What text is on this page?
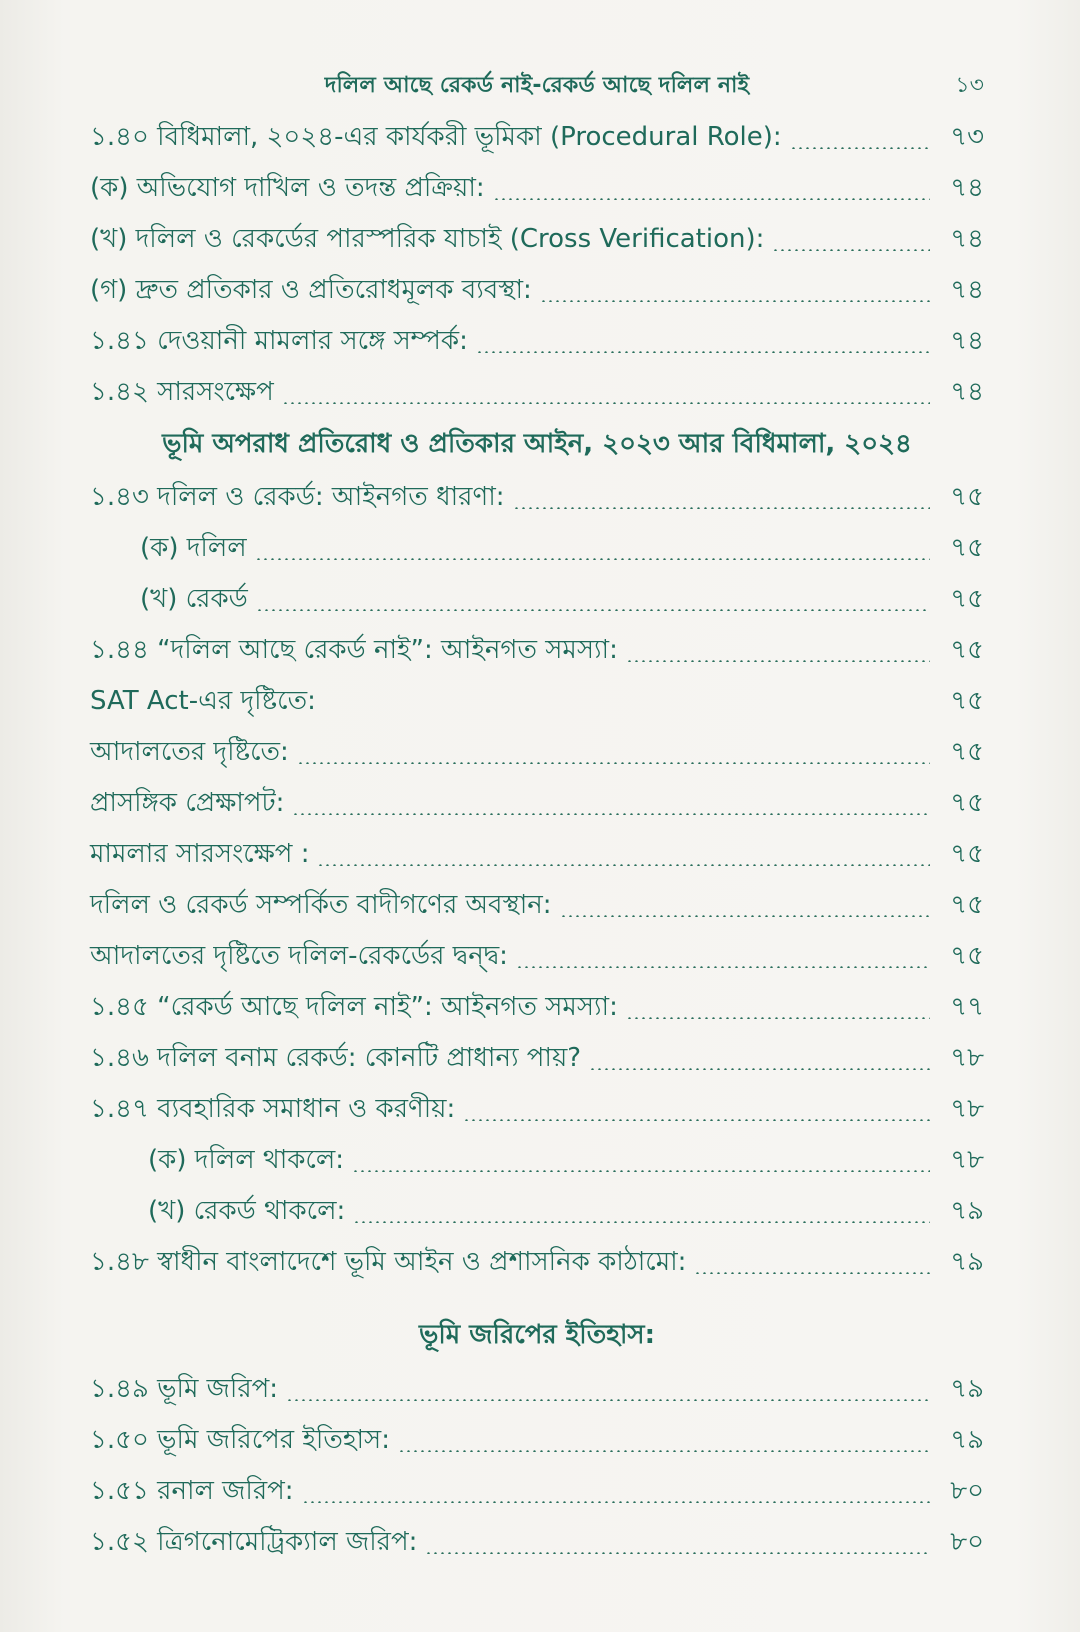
দলিল আছে রেকর্ড নাই-রেকর্ড আছে দলিল নাই	১৩
১.৪০ বিধিমালা, ২০২৪-এর কার্যকরী ভূমিকা (Procedural Role):	৭৩
(ক) অভিযোগ দাখিল ও তদন্ত প্রক্রিয়া:	৭৪
(খ) দলিল ও রেকর্ডের পারস্পরিক যাচাই (Cross Verification):	৭৪
(গ) দ্রুত প্রতিকার ও প্রতিরোধমূলক ব্যবস্থা:	৭৪
১.৪১ দেওয়ানী মামলার সঙ্গে সম্পর্ক:	৭৪
১.৪২ সারসংক্ষেপ	৭৪
ভূমি অপরাধ প্রতিরোধ ও প্রতিকার আইন, ২০২৩ আর বিধিমালা, ২০২৪
১.৪৩ দলিল ও রেকর্ড: আইনগত ধারণা:	৭৫
(ক) দলিল	৭৫
(খ) রেকর্ড	৭৫
১.৪৪ “দলিল আছে রেকর্ড নাই”: আইনগত সমস্যা:	৭৫
SAT Act-এর দৃষ্টিতে:	৭৫
আদালতের দৃষ্টিতে:	৭৫
প্রাসঙ্গিক প্রেক্ষাপট:	৭৫
মামলার সারসংক্ষেপ :	৭৫
দলিল ও রেকর্ড সম্পর্কিত বাদীগণের অবস্থান:	৭৫
আদালতের দৃষ্টিতে দলিল-রেকর্ডের দ্বন্দ্ব:	৭৫
১.৪৫ “রেকর্ড আছে দলিল নাই”: আইনগত সমস্যা:	৭৭
১.৪৬ দলিল বনাম রেকর্ড: কোনটি প্রাধান্য পায়?	৭৮
১.৪৭ ব্যবহারিক সমাধান ও করণীয়:	৭৮
(ক) দলিল থাকলে:	৭৮
(খ) রেকর্ড থাকলে:	৭৯
১.৪৮ স্বাধীন বাংলাদেশে ভূমি আইন ও প্রশাসনিক কাঠামো:	৭৯
ভূমি জরিপের ইতিহাস:
১.৪৯ ভূমি জরিপ:	৭৯
১.৫০ ভূমি জরিপের ইতিহাস:	৭৯
১.৫১ রনাল জরিপ:	৮০
১.৫২ ত্রিগনোমেট্রিক্যাল জরিপ:	৮০
